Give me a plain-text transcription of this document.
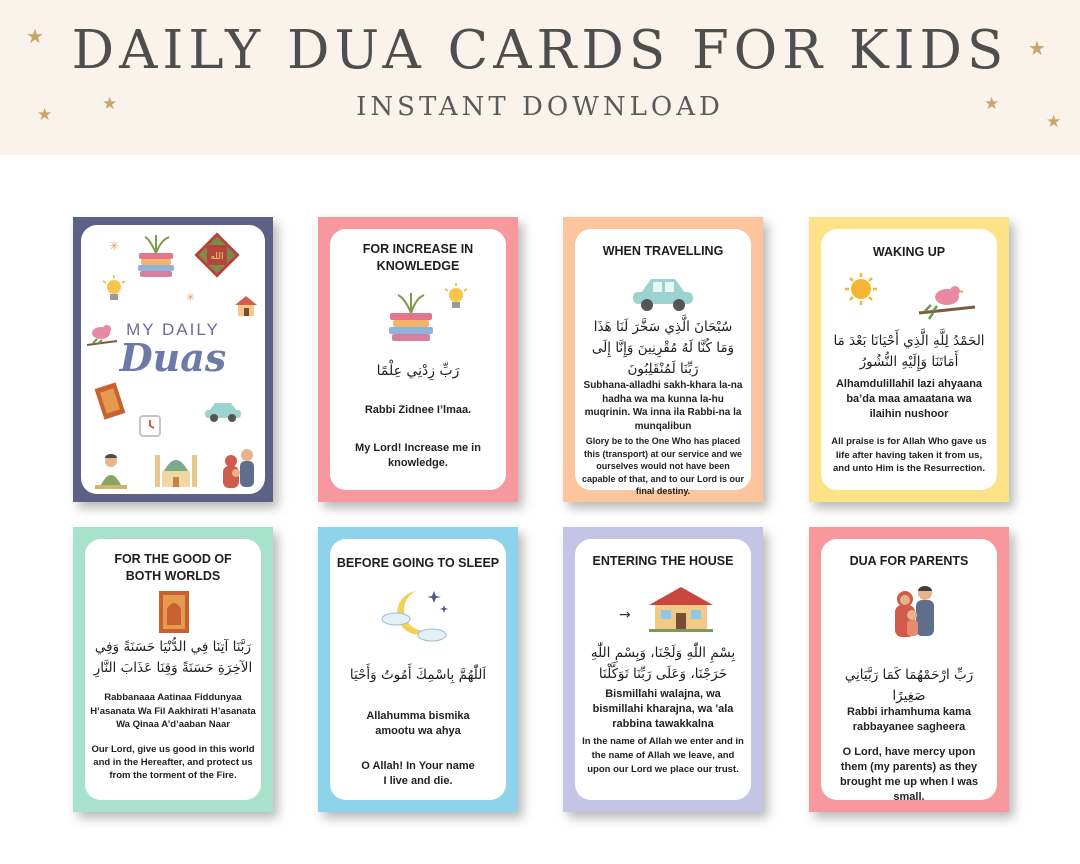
DAILY DUA CARDS FOR KIDS
INSTANT DOWNLOAD
★
★
★
★
★
★
الله
✳
✳
MY DAILY
Duas
FOR INCREASE IN KNOWLEDGE
رَبِّ زِدْنِي عِلْمًا
Rabbi Zidnee I’lmaa.
My Lord! Increase me in knowledge.
WHEN TRAVELLING
سُبْحَانَ الَّذِي سَخَّرَ لَنَا هَذَا وَمَا كُنَّا لَهُ مُقْرِنِينَ وَإِنَّا إِلَى رَبِّنَا لَمُنْقَلِبُونَ
Subhana-alladhi sakh-khara la-na hadha wa ma kunna la-hu muqrinin. Wa inna ila Rabbi-na la munqalibun
Glory be to the One Who has placed this (transport) at our service and we ourselves would not have been capable of that, and to our Lord is our final destiny.
WAKING UP
الحَمْدُ لِلَّهِ الَّذِي أَحْيَانَا بَعْدَ مَا أَمَاتَنَا وَإِلَيْهِ النُّشُورُ
Alhamdulillahil lazi ahyaana ba’da maa amaatana wa ilaihin nushoor
All praise is for Allah Who gave us life after having taken it from us, and unto Him is the Resurrection.
FOR THE GOOD OF BOTH WORLDS
رَبَّنَا آتِنَا فِي الدُّنْيَا حَسَنَةً وَفِي الآخِرَةِ حَسَنَةً وَقِنَا عَذَابَ النَّارِ
Rabbanaaa Aatinaa Fiddunyaa H’asanata Wa Fil Aakhirati H’asanata Wa Qinaa A’d’aaban Naar
Our Lord, give us good in this world and in the Hereafter, and protect us from the torment of the Fire.
BEFORE GOING TO SLEEP
اَللّٰهُمَّ بِاسْمِكَ أَمُوتُ وَأَحْيَا
Allahumma bismika amootu wa ahya
O Allah! In Your name I live and die.
ENTERING THE HOUSE
→
بِسْمِ اللّٰهِ وَلَجْنَا، وَبِسْمِ اللّٰهِ خَرَجْنَا، وَعَلَى رَبِّنَا تَوَكَّلْنَا
Bismillahi walajna, wa bismillahi kharajna, wa 'ala rabbina tawakkalna
In the name of Allah we enter and in the name of Allah we leave, and upon our Lord we place our trust.
DUA FOR PARENTS
رَبِّ ارْحَمْهُمَا كَمَا رَبَّيَانِي صَغِيرًا
Rabbi irhamhuma kama rabbayanee sagheera
O Lord, have mercy upon them (my parents) as they brought me up when I was small.
